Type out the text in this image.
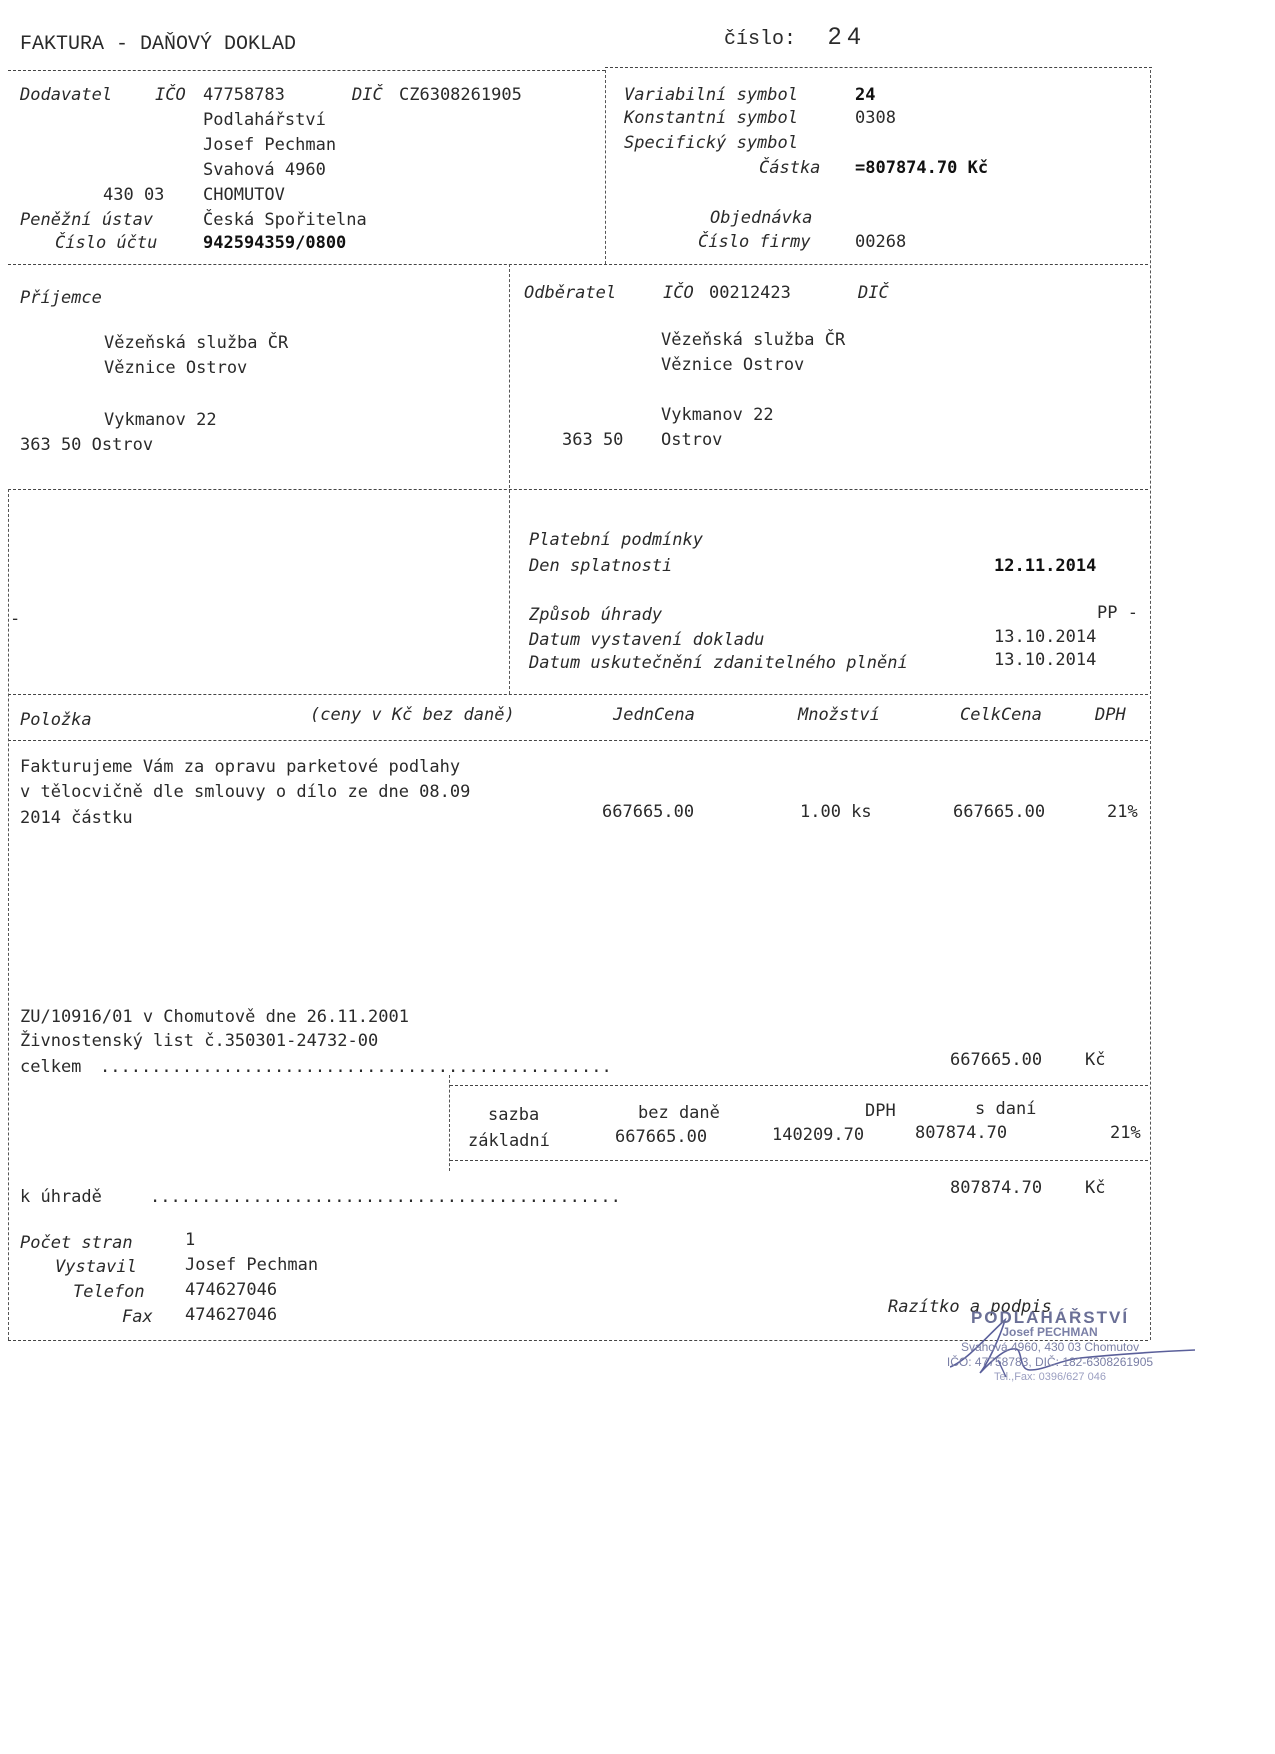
FAKTURA - DAŇOVÝ DOKLAD	číslo: 24
Dodavatel	IČO 47758783	DIČ CZ6308261905
Podlahářství
Josef Pechman
Svahová 4960
430 03 CHOMUTOV
Peněžní ústav	Česká Spořitelna
Číslo účtu	942594359/0800
Variabilní symbol	24
Konstantní symbol	0308
Specifický symbol
Částka =807874.70 Kč
Objednávka
Číslo firmy	00268
Příjemce
Vězeňská služba ČR
Věznice Ostrov
Vykmanov 22
363 50 Ostrov
Odběratel	IČO 00212423	DIČ
Vězeňská služba ČR
Věznice Ostrov
Vykmanov 22
363 50 Ostrov
Platební podmínky
Den splatnosti	12.11.2014
Způsob úhrady	PP -
-
Datum vystavení dokladu	13.10.2014
Datum uskutečnění zdanitelného plnění	13.10.2014
Položka	(ceny v Kč bez daně)	JednCena	Množství	CelkCena	DPH
Fakturujeme Vám za opravu parketové podlahy
v tělocvičně dle smlouvy o dílo ze dne 08.09
2014 částku	667665.00	1.00 ks	667665.00	21%
ZU/10916/01 v Chomutově dne 26.11.2001
Živnostenský list č.350301-24732-00
celkem ..................................................	667665.00	Kč
sazba	bez daně	DPH	s daní
základní	667665.00	140209.70	807874.70	21%
k úhradě	..............................................	807874.70	Kč
Počet stran	1
Vystavil	Josef Pechman
Telefon 474627046
Fax 474627046	Razítko a podpis
PODLAHÁŘSTVÍ
Josef PECHMAN
Svahová 4960, 430 03 Chomutov
IČO: 47758783, DIČ: 182-6308261905
Tel.,Fax: 0396/627 046
